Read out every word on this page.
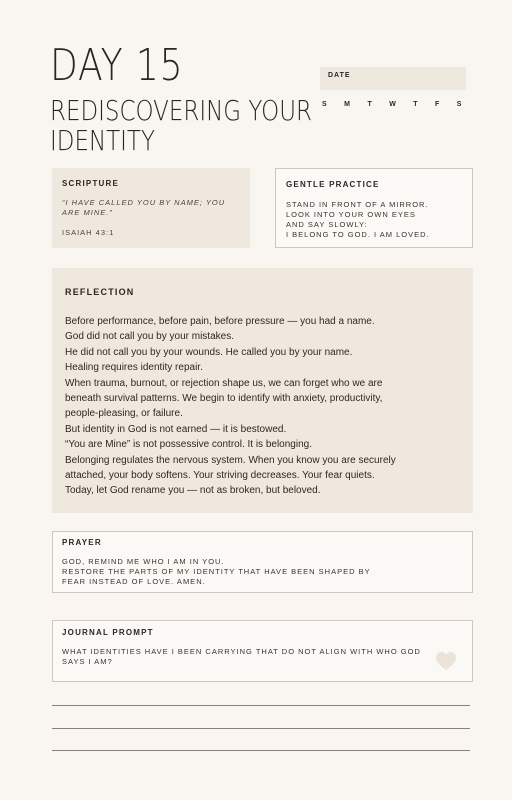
DAY 15
REDISCOVERING YOUR IDENTITY
DATE
S M T W T F S
SCRIPTURE
“I HAVE CALLED YOU BY NAME; YOU ARE MINE.”
ISAIAH 43:1
GENTLE PRACTICE
STAND IN FRONT OF A MIRROR.
LOOK INTO YOUR OWN EYES
AND SAY SLOWLY:
I BELONG TO GOD. I AM LOVED.
REFLECTION
Before performance, before pain, before pressure — you had a name.
God did not call you by your mistakes.
He did not call you by your wounds. He called you by your name.
Healing requires identity repair.
When trauma, burnout, or rejection shape us, we can forget who we are
beneath survival patterns. We begin to identify with anxiety, productivity,
people-pleasing, or failure.
But identity in God is not earned — it is bestowed.
“You are Mine” is not possessive control. It is belonging.
Belonging regulates the nervous system. When you know you are securely
attached, your body softens. Your striving decreases. Your fear quiets.
Today, let God rename you — not as broken, but beloved.
PRAYER
GOD, REMIND ME WHO I AM IN YOU.
RESTORE THE PARTS OF MY IDENTITY THAT HAVE BEEN SHAPED BY
FEAR INSTEAD OF LOVE. AMEN.
JOURNAL PROMPT
WHAT IDENTITIES HAVE I BEEN CARRYING THAT DO NOT ALIGN WITH WHO GOD SAYS I AM?
